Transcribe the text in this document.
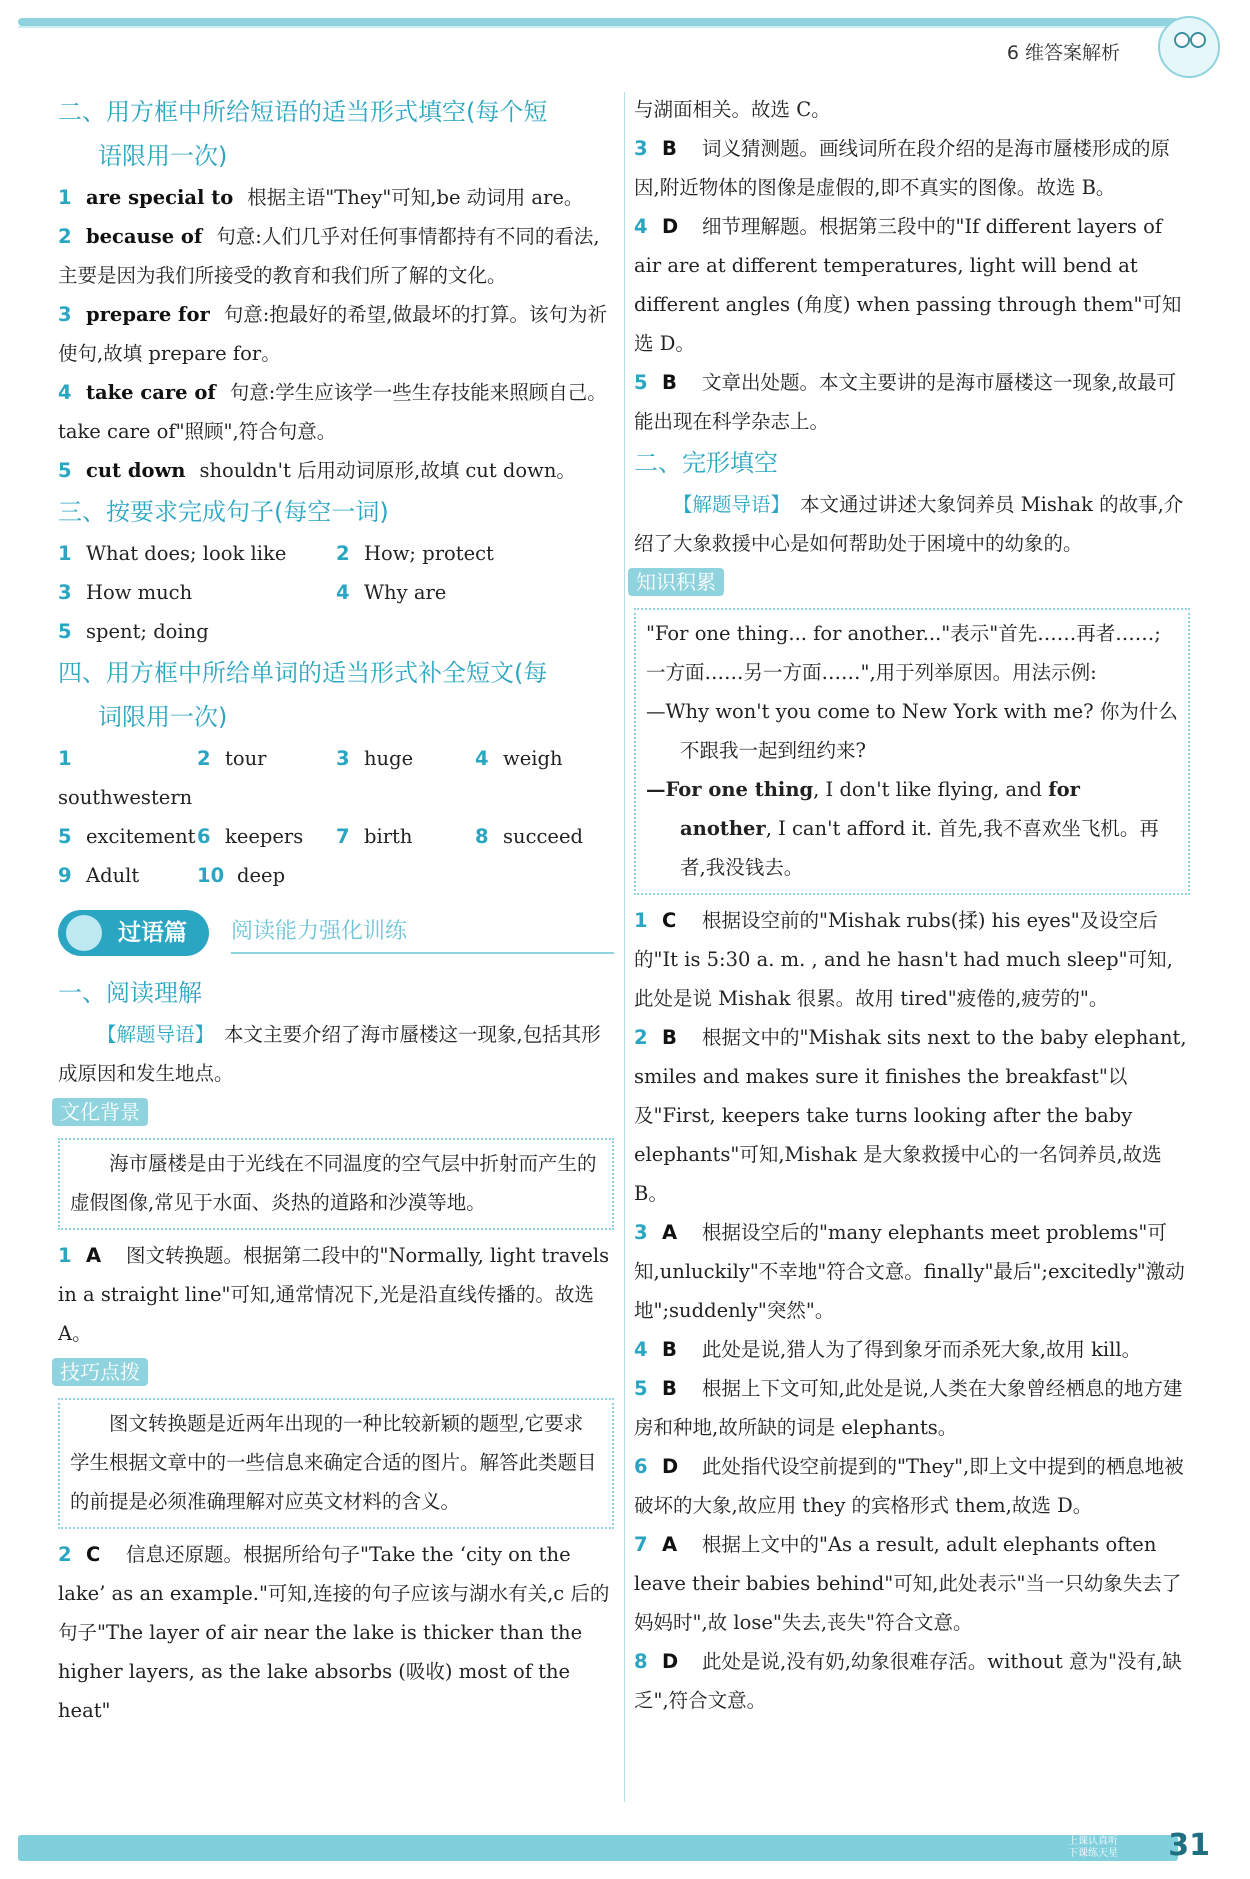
6 维答案解析
二、用方框中所给短语的适当形式填空(每个短
语限用一次)
1 are special to 根据主语"They"可知,be 动词用 are。
2 because of 句意:人们几乎对任何事情都持有不同的看法,主要是因为我们所接受的教育和我们所了解的文化。
3 prepare for 句意:抱最好的希望,做最坏的打算。该句为祈使句,故填 prepare for。
4 take care of 句意:学生应该学一些生存技能来照顾自己。take care of"照顾",符合句意。
5 cut down shouldn't 后用动词原形,故填 cut down。
三、按要求完成句子(每空一词)
1 What does; look like	2 How; protect
3 How much	4 Why are
5 spent; doing
四、用方框中所给单词的适当形式补全短文(每
词限用一次)
1southwestern
2 tour	3 huge	4 weigh
5 excitement 6 keepers	7 birth	8 succeed
9 Adult	10 deep
过语篇	阅读能力强化训练
一、阅读理解
【解题导语】 本文主要介绍了海市蜃楼这一现象,包括其形成原因和发生地点。
文化背景
海市蜃楼是由于光线在不同温度的空气层中折射而产生的虚假图像,常见于水面、炎热的道路和沙漠等地。
1 A 图文转换题。根据第二段中的"Normally, light travels in a straight line"可知,通常情况下,光是沿直线传播的。故选 A。
技巧点拨
图文转换题是近两年出现的一种比较新颖的题型,它要求学生根据文章中的一些信息来确定合适的图片。解答此类题目的前提是必须准确理解对应英文材料的含义。
2 C 信息还原题。根据所给句子"Take the ‘city on the lake’ as an example."可知,连接的句子应该与湖水有关,c 后的句子"The layer of air near the lake is thicker than the higher layers, as the lake absorbs (吸收) most of the heat"
与湖面相关。故选 C。
3 B 词义猜测题。画线词所在段介绍的是海市蜃楼形成的原因,附近物体的图像是虚假的,即不真实的图像。故选 B。
4 D 细节理解题。根据第三段中的"If different layers of air are at different temperatures, light will bend at different angles (角度) when passing through them"可知选 D。
5 B 文章出处题。本文主要讲的是海市蜃楼这一现象,故最可能出现在科学杂志上。
二、完形填空
【解题导语】 本文通过讲述大象饲养员 Mishak 的故事,介绍了大象救援中心是如何帮助处于困境中的幼象的。
知识积累
"For one thing... for another..."表示"首先……再者……;一方面……另一方面……",用于列举原因。用法示例:
—Why won't you come to New York with me? 你为什么不跟我一起到纽约来?
—For one thing, I don't like flying, and for another, I can't afford it. 首先,我不喜欢坐飞机。再者,我没钱去。
1 C 根据设空前的"Mishak rubs(揉) his eyes"及设空后的"It is 5:30 a. m. , and he hasn't had much sleep"可知,此处是说 Mishak 很累。故用 tired"疲倦的,疲劳的"。
2 B 根据文中的"Mishak sits next to the baby elephant, smiles and makes sure it finishes the breakfast"以及"First, keepers take turns looking after the baby elephants"可知,Mishak 是大象救援中心的一名饲养员,故选 B。
3 A 根据设空后的"many elephants meet problems"可知,unluckily"不幸地"符合文意。finally"最后";excitedly"激动地";suddenly"突然"。
4 B 此处是说,猎人为了得到象牙而杀死大象,故用 kill。
5 B 根据上下文可知,此处是说,人类在大象曾经栖息的地方建房和种地,故所缺的词是 elephants。
6 D 此处指代设空前提到的"They",即上文中提到的栖息地被破坏的大象,故应用 they 的宾格形式 them,故选 D。
7 A 根据上文中的"As a result, adult elephants often leave their babies behind"可知,此处表示"当一只幼象失去了妈妈时",故 lose"失去,丧失"符合文意。
8 D 此处是说,没有奶,幼象很难存活。without 意为"没有,缺乏",符合文意。
上课认真听
下课练天星 31
